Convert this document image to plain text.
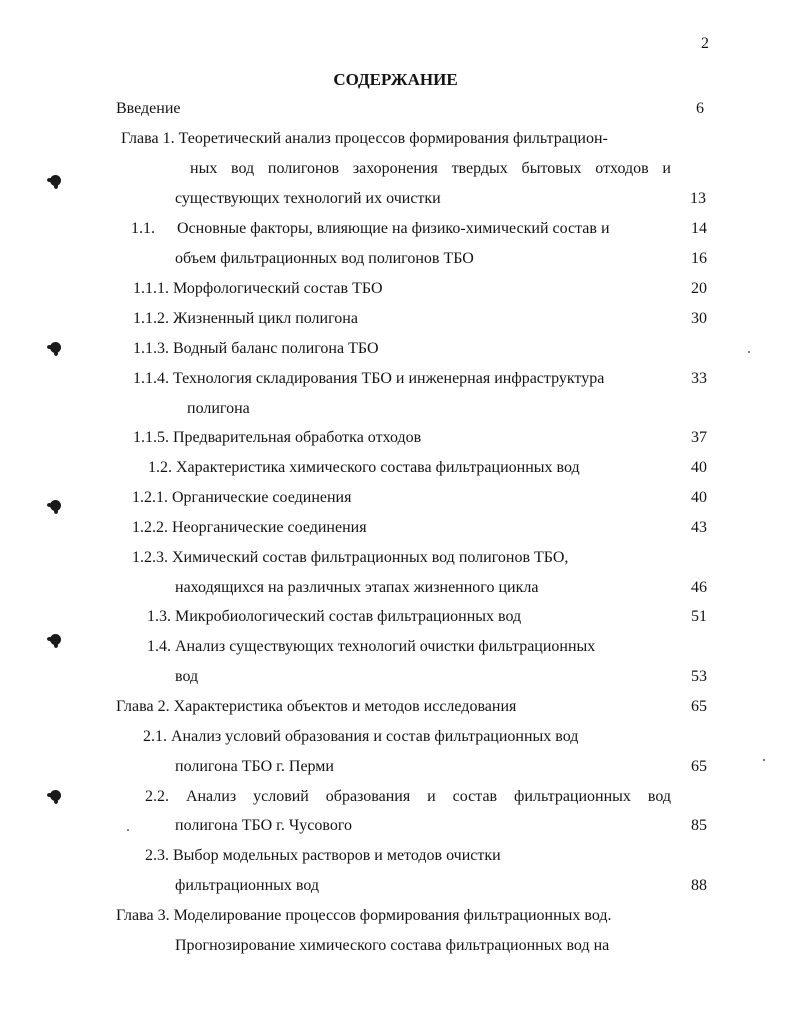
2
СОДЕРЖАНИЕ
Введение	6
Глава 1. Теоретический анализ процессов формирования фильтрацион-
ных вод полигонов захоронения твердых бытовых отходов и
существующих технологий их очистки	13
1.1. Основные факторы, влияющие на физико-химический состав и	14
объем фильтрационных вод полигонов ТБО	16
1.1.1. Морфологический состав ТБО	20
1.1.2. Жизненный цикл полигона	30
1.1.3. Водный баланс полигона ТБО
1.1.4. Технология складирования ТБО и инженерная инфраструктура	33
полигона
1.1.5. Предварительная обработка отходов	37
1.2. Характеристика химического состава фильтрационных вод	40
1.2.1. Органические соединения	40
1.2.2. Неорганические соединения	43
1.2.3. Химический состав фильтрационных вод полигонов ТБО,
находящихся на различных этапах жизненного цикла	46
1.3. Микробиологический состав фильтрационных вод	51
1.4. Анализ существующих технологий очистки фильтрационных
вод	53
Глава 2. Характеристика объектов и методов исследования	65
2.1. Анализ условий образования и состав фильтрационных вод
полигона ТБО г. Перми	65
2.2. Анализ условий образования и состав фильтрационных вод
полигона ТБО г. Чусового	85
2.3. Выбор модельных растворов и методов очистки
фильтрационных вод	88
Глава 3. Моделирование процессов формирования фильтрационных вод.
Прогнозирование химического состава фильтрационных вод на
